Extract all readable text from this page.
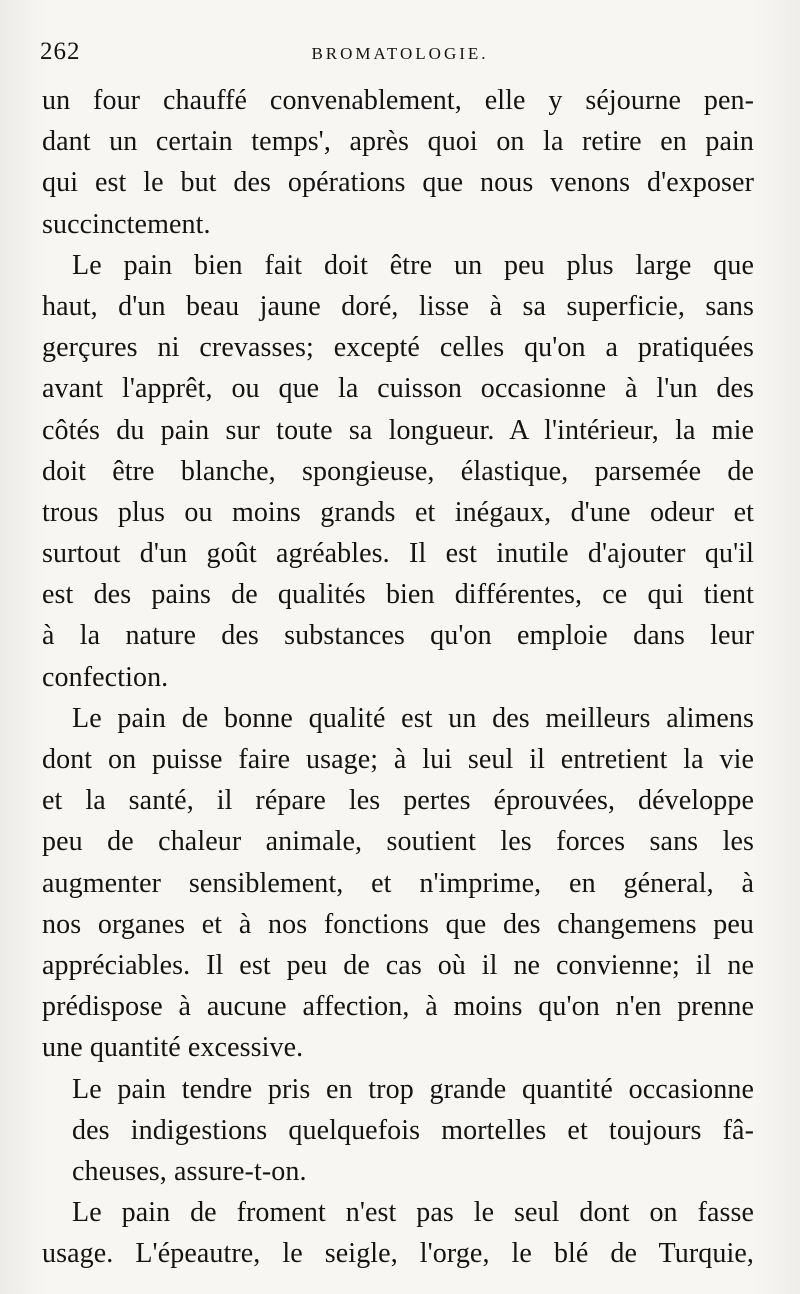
262	BROMATOLOGIE.
un four chauffé convenablement, elle y séjourne pen-
dant un certain temps', après quoi on la retire en pain
qui est le but des opérations que nous venons d'exposer
succinctement.
Le pain bien fait doit être un peu plus large que
haut, d'un beau jaune doré, lisse à sa superficie, sans
gerçures ni crevasses; excepté celles qu'on a pratiquées
avant l'apprêt, ou que la cuisson occasionne à l'un des
côtés du pain sur toute sa longueur. A l'intérieur, la mie
doit être blanche, spongieuse, élastique, parsemée de
trous plus ou moins grands et inégaux, d'une odeur et
surtout d'un goût agréables. Il est inutile d'ajouter qu'il
est des pains de qualités bien différentes, ce qui tient
à la nature des substances qu'on emploie dans leur
confection.
Le pain de bonne qualité est un des meilleurs alimens
dont on puisse faire usage; à lui seul il entretient la vie
et la santé, il répare les pertes éprouvées, développe
peu de chaleur animale, soutient les forces sans les
augmenter sensiblement, et n'imprime, en géneral, à
nos organes et à nos fonctions que des changemens peu
appréciables. Il est peu de cas où il ne convienne; il ne
prédispose à aucune affection, à moins qu'on n'en prenne
une quantité excessive.
Le pain tendre pris en trop grande quantité occasionne
des indigestions quelquefois mortelles et toujours fâ-
cheuses, assure-t-on.
Le pain de froment n'est pas le seul dont on fasse
usage. L'épeautre, le seigle, l'orge, le blé de Turquie,
